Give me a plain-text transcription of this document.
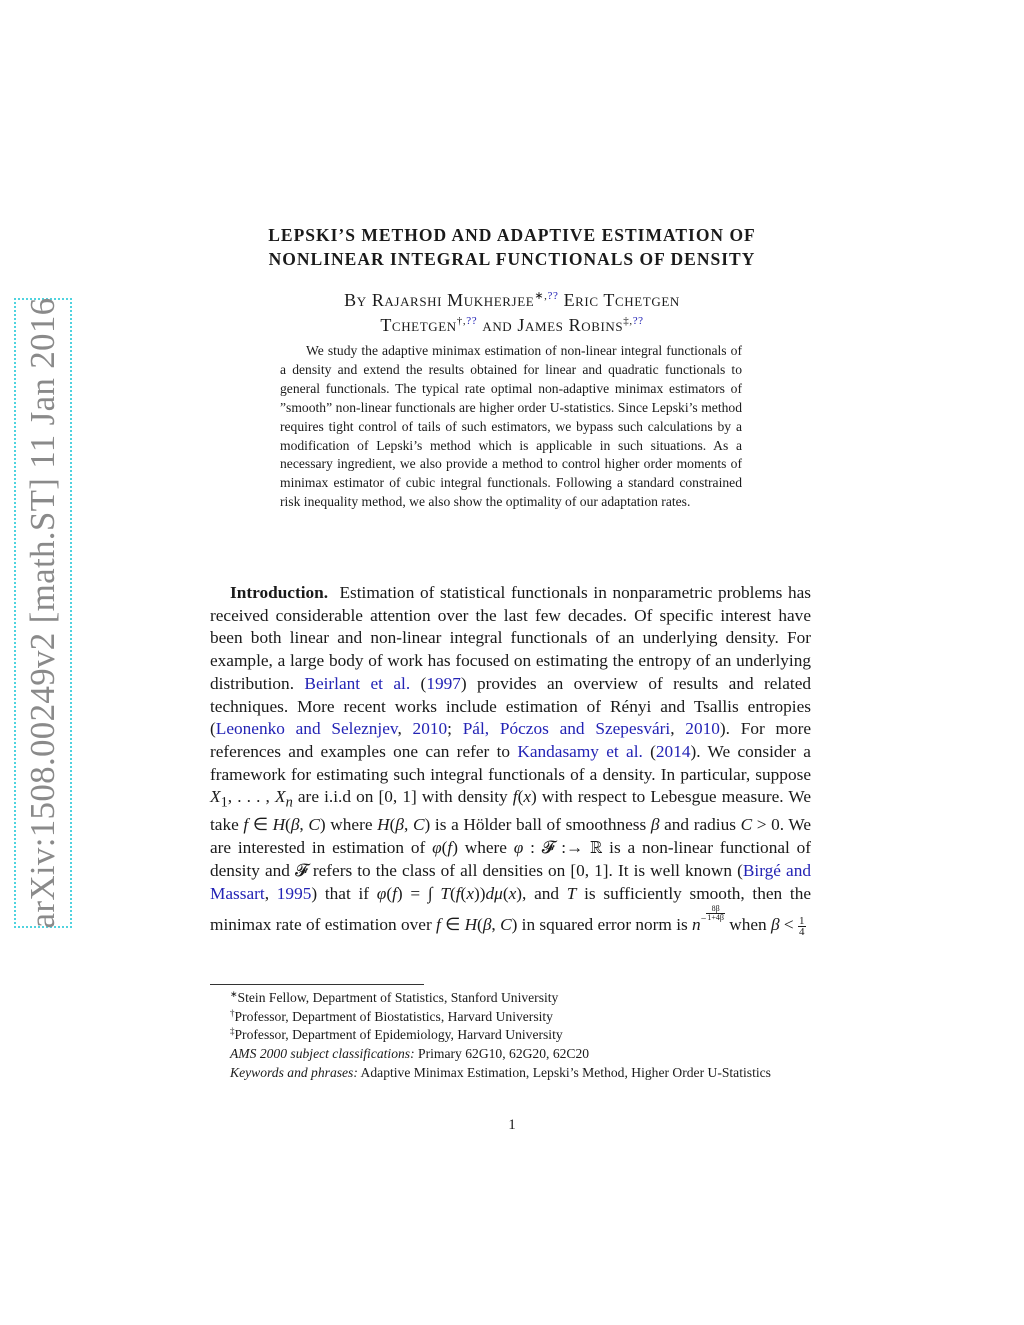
arXiv:1508.00249v2 [math.ST] 11 Jan 2016
LEPSKI’S METHOD AND ADAPTIVE ESTIMATION OF
NONLINEAR INTEGRAL FUNCTIONALS OF DENSITY
By Rajarshi Mukherjee∗,?? Eric Tchetgen
Tchetgen†,?? and James Robins‡,??
We study the adaptive minimax estimation of non-linear integral functionals of a density and extend the results obtained for linear and quadratic functionals to general functionals. The typical rate optimal non-adaptive minimax estimators of ”smooth” non-linear functionals are higher order U-statistics. Since Lepski’s method requires tight control of tails of such estimators, we bypass such calculations by a modification of Lepski’s method which is applicable in such situations. As a necessary ingredient, we also provide a method to control higher order moments of minimax estimator of cubic integral functionals. Following a standard constrained risk inequality method, we also show the optimality of our adaptation rates.
Introduction. Estimation of statistical functionals in nonparametric problems has received considerable attention over the last few decades. Of specific interest have been both linear and non-linear integral functionals of an underlying density. For example, a large body of work has focused on estimating the entropy of an underlying distribution. Beirlant et al. (1997) provides an overview of results and related techniques. More recent works include estimation of Rényi and Tsallis entropies (Leonenko and Seleznjev, 2010; Pál, Póczos and Szepesvári, 2010). For more references and examples one can refer to Kandasamy et al. (2014). We consider a framework for estimating such integral functionals of a density. In particular, suppose $X_1$, . . . , $X_n$ are i.i.d on [0, 1] with density f(x) with respect to Lebesgue measure. We take f ∈ H(β, C) where H(β, C) is a Hölder ball of smoothness β and radius C > 0. We are interested in estimation of φ(f) where φ : 𝓕 :→ ℝ is a non-linear functional of density and 𝓕 refers to the class of all densities on [0, 1]. It is well known (Birgé and Massart, 1995) that if φ(f) = ∫ T(f(x))dμ(x), and T is sufficiently smooth, then the minimax rate of estimation over f ∈ H(β, C) in squared error norm is $n^{- \frac{8\beta}{1+4\beta}}$
when $\beta < \frac{1}{4}$

∗Stein Fellow, Department of Statistics, Stanford University

†Professor, Department of Biostatistics, Harvard University

‡Professor, Department of Epidemiology, Harvard University

AMS 2000 subject classifications: Primary 62G10, 62G20, 62C20

Keywords and phrases: Adaptive Minimax Estimation, Lepski’s Method, Higher Order U-Statistics

1
